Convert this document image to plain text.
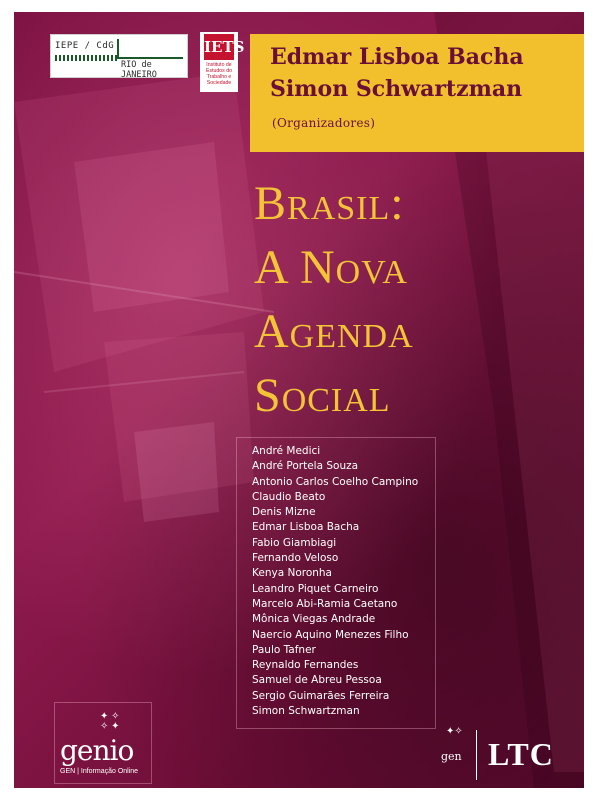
IEPE / CdG
RIO de JANEIRO
IETS
Instituto de Estudos do Trabalho e Sociedade
Edmar Lisboa Bacha
Simon Schwartzman
(Organizadores)
Brasil:
A Nova
Agenda
Social
André Medici
André Portela Souza
Antonio Carlos Coelho Campino
Claudio Beato
Denis Mizne
Edmar Lisboa Bacha
Fabio Giambiagi
Fernando Veloso
Kenya Noronha
Leandro Piquet Carneiro
Marcelo Abi-Ramia Caetano
Mônica Viegas Andrade
Naercio Aquino Menezes Filho
Paulo Tafner
Reynaldo Fernandes
Samuel de Abreu Pessoa
Sergio Guimarães Ferreira
Simon Schwartzman
✦ ✧
✧ ✦
genio
GEN | Informação Online
✦✧
gen LTC
